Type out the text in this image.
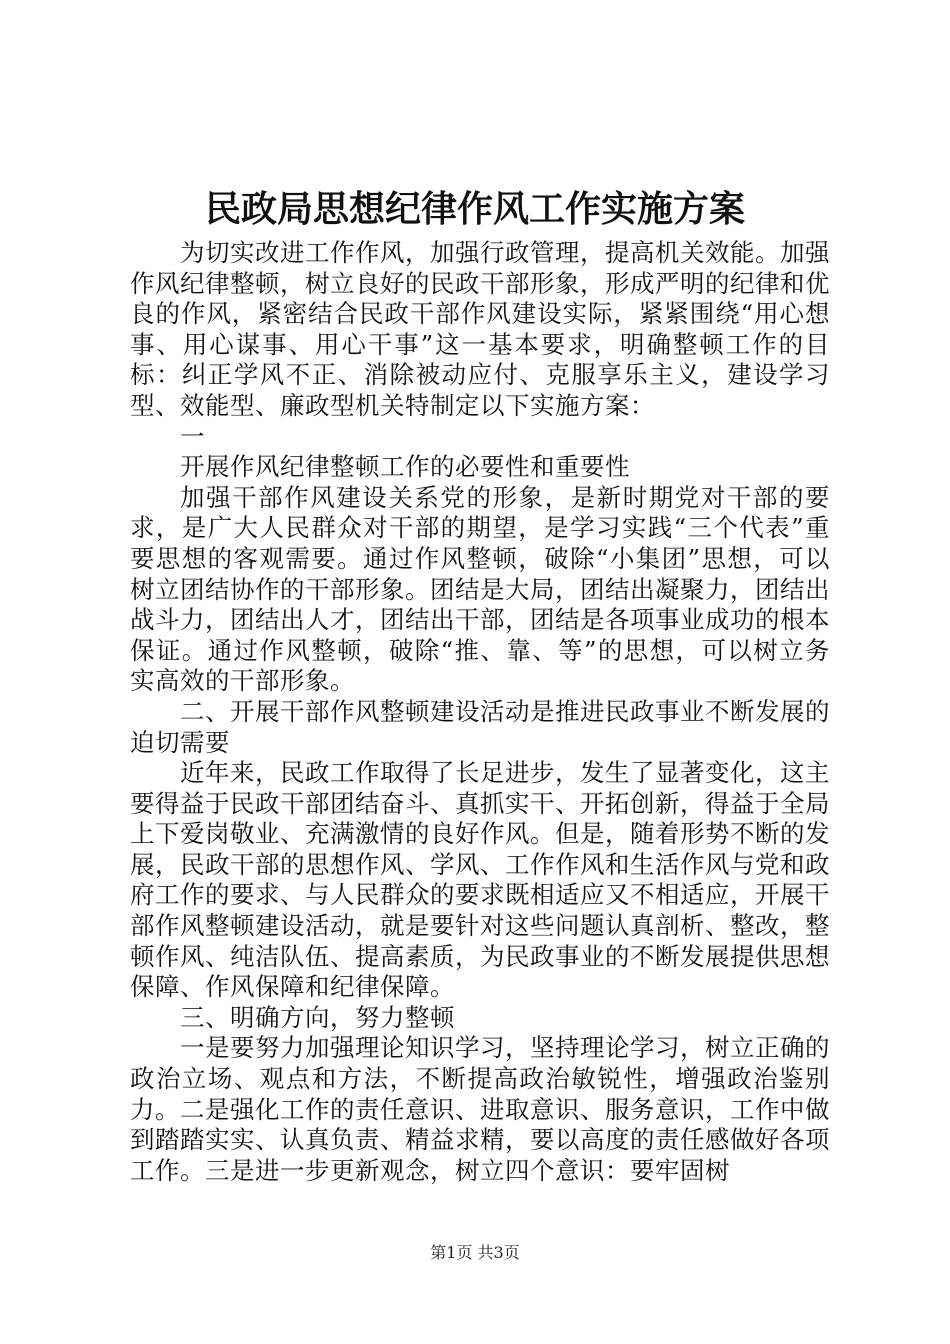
民政局思想纪律作风工作实施方案

为切实改进工作作风，加强行政管理，提高机关效能。加强作风纪律整顿，树立良好的民政干部形象，形成严明的纪律和优良的作风，紧密结合民政干部作风建设实际，紧紧围绕“用心想事、用心谋事、用心干事”这一基本要求，明确整顿工作的目标：纠正学风不正、消除被动应付、克服享乐主义，建设学习型、效能型、廉政型机关特制定以下实施方案：

一

开展作风纪律整顿工作的必要性和重要性

加强干部作风建设关系党的形象，是新时期党对干部的要求，是广大人民群众对干部的期望，是学习实践“三个代表”重要思想的客观需要。通过作风整顿，破除“小集团”思想，可以树立团结协作的干部形象。团结是大局，团结出凝聚力，团结出战斗力，团结出人才，团结出干部，团结是各项事业成功的根本保证。通过作风整顿，破除“推、靠、等”的思想，可以树立务实高效的干部形象。

二、开展干部作风整顿建设活动是推进民政事业不断发展的迫切需要

近年来，民政工作取得了长足进步，发生了显著变化，这主要得益于民政干部团结奋斗、真抓实干、开拓创新，得益于全局上下爱岗敬业、充满激情的良好作风。但是，随着形势不断的发展，民政干部的思想作风、学风、工作作风和生活作风与党和政府工作的要求、与人民群众的要求既相适应又不相适应，开展干部作风整顿建设活动，就是要针对这些问题认真剖析、整改，整顿作风、纯洁队伍、提高素质，为民政事业的不断发展提供思想保障、作风保障和纪律保障。

三、明确方向，努力整顿

一是要努力加强理论知识学习，坚持理论学习，树立正确的政治立场、观点和方法，不断提高政治敏锐性，增强政治鉴别力。二是强化工作的责任意识、进取意识、服务意识，工作中做到踏踏实实、认真负责、精益求精，要以高度的责任感做好各项工作。三是进一步更新观念，树立四个意识：要牢固树

第1页 共3页
